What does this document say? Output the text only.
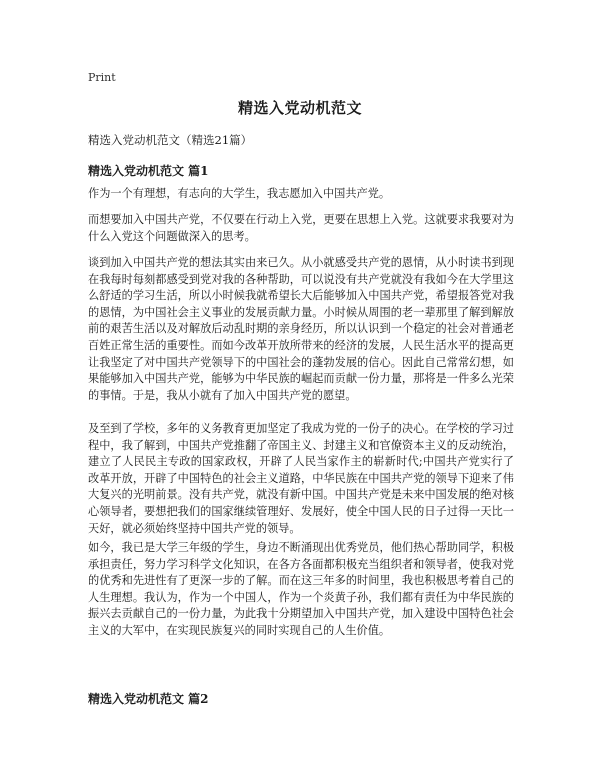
Print
精选入党动机范文
精选入党动机范文（精选21篇）
精选入党动机范文 篇1
作为一个有理想，有志向的大学生，我志愿加入中国共产党。
而想要加入中国共产党，不仅要在行动上入党，更要在思想上入党。这就要求我要对为什么入党这个问题做深入的思考。
谈到加入中国共产党的想法其实由来已久。从小就感受共产党的恩情，从小时读书到现在我每时每刻都感受到党对我的各种帮助，可以说没有共产党就没有我如今在大学里这么舒适的学习生活，所以小时候我就希望长大后能够加入中国共产党，希望报答党对我的恩情，为中国社会主义事业的发展贡献力量。小时候从周围的老一辈那里了解到解放前的艰苦生活以及对解放后动乱时期的亲身经历，所以认识到一个稳定的社会对普通老百姓正常生活的重要性。而如今改革开放所带来的经济的发展，人民生活水平的提高更让我坚定了对中国共产党领导下的中国社会的蓬勃发展的信心。因此自己常常幻想，如果能够加入中国共产党，能够为中华民族的崛起而贡献一份力量，那将是一件多么光荣的事情。于是，我从小就有了加入中国共产党的愿望。
及至到了学校，多年的义务教育更加坚定了我成为党的一份子的决心。在学校的学习过程中，我了解到，中国共产党推翻了帝国主义、封建主义和官僚资本主义的反动统治，建立了人民民主专政的国家政权，开辟了人民当家作主的崭新时代;中国共产党实行了改革开放，开辟了中国特色的社会主义道路，中华民族在中国共产党的领导下迎来了伟大复兴的光明前景。没有共产党，就没有新中国。中国共产党是未来中国发展的绝对核心领导者，要想把我们的国家继续管理好、发展好，使全中国人民的日子过得一天比一天好，就必须始终坚持中国共产党的领导。
如今，我已是大学三年级的学生，身边不断涌现出优秀党员，他们热心帮助同学，积极承担责任，努力学习科学文化知识，在各方各面都积极充当组织者和领导者，使我对党的优秀和先进性有了更深一步的了解。而在这三年多的时间里，我也积极思考着自己的人生理想。我认为，作为一个中国人，作为一个炎黄子孙，我们都有责任为中华民族的振兴去贡献自己的一份力量，为此我十分期望加入中国共产党，加入建设中国特色社会主义的大军中，在实现民族复兴的同时实现自己的人生价值。
精选入党动机范文 篇2
